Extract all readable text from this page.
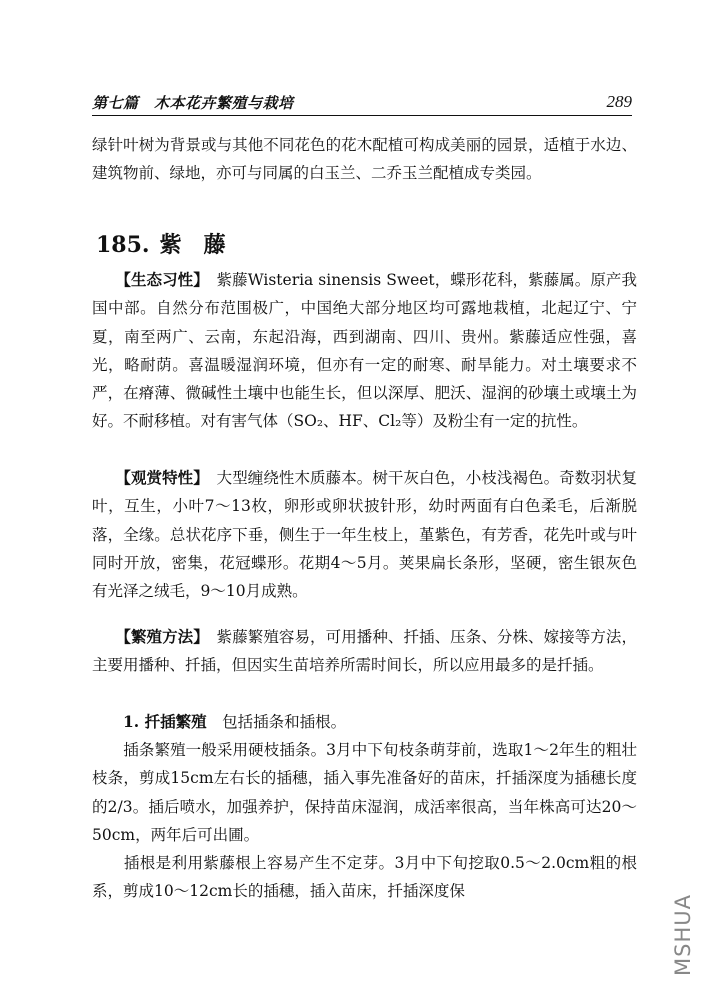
第七篇　木本花卉繁殖与栽培	289

绿针叶树为背景或与其他不同花色的花木配植可构成美丽的园景，适植于水边、建筑物前、绿地，亦可与同属的白玉兰、二乔玉兰配植成专类园。

185. 紫　藤

　　【生态习性】　紫藤Wisteria sinensis Sweet，蝶形花科，紫藤属。原产我国中部。自然分布范围极广，中国绝大部分地区均可露地栽植，北起辽宁、宁夏，南至两广、云南，东起沿海，西到湖南、四川、贵州。紫藤适应性强，喜光，略耐荫。喜温暖湿润环境，但亦有一定的耐寒、耐旱能力。对土壤要求不严，在瘠薄、微碱性土壤中也能生长，但以深厚、肥沃、湿润的砂壤土或壤土为好。不耐移植。对有害气体（SO₂、HF、Cl₂等）及粉尘有一定的抗性。

　　【观赏特性】　大型缠绕性木质藤本。树干灰白色，小枝浅褐色。奇数羽状复叶，互生，小叶7～13枚，卵形或卵状披针形，幼时两面有白色柔毛，后渐脱落，全缘。总状花序下垂，侧生于一年生枝上，堇紫色，有芳香，花先叶或与叶同时开放，密集，花冠蝶形。花期4～5月。荚果扁长条形，坚硬，密生银灰色有光泽之绒毛，9～10月成熟。

　　【繁殖方法】　紫藤繁殖容易，可用播种、扦插、压条、分株、嫁接等方法，主要用播种、扦插，但因实生苗培养所需时间长，所以应用最多的是扦插。

　　1. 扦插繁殖　包括插条和插根。

　　插条繁殖一般采用硬枝插条。3月中下旬枝条萌芽前，选取1～2年生的粗壮枝条，剪成15cm左右长的插穗，插入事先准备好的苗床，扦插深度为插穗长度的2/3。插后喷水，加强养护，保持苗床湿润，成活率很高，当年株高可达20～50cm，两年后可出圃。

　　插根是利用紫藤根上容易产生不定芽。3月中下旬挖取0.5～2.0cm粗的根系，剪成10～12cm长的插穗，插入苗床，扦插深度保

MSHUA
